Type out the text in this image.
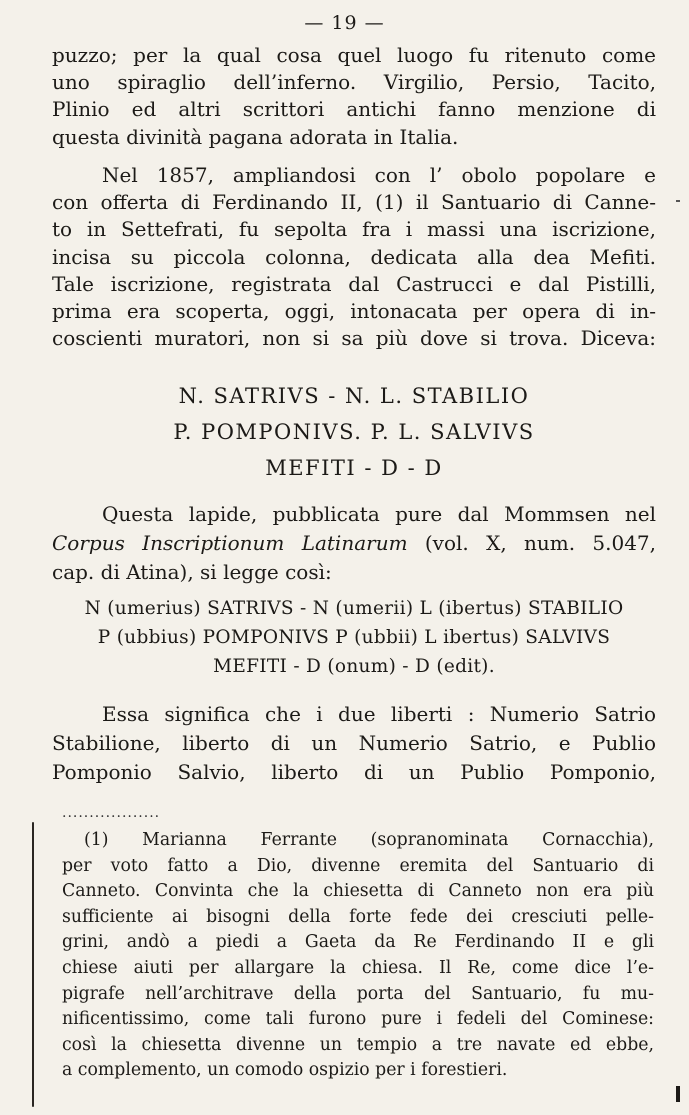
— 19 —
puzzo; per la qual cosa quel luogo fu ritenuto come
uno spiraglio dell’inferno. Virgilio, Persio, Tacito,
Plinio ed altri scrittori antichi fanno menzione di
questa divinità pagana adorata in Italia.
Nel 1857, ampliandosi con l’ obolo popolare e
con offerta di Ferdinando II, (1) il Santuario di Canne-
to in Settefrati, fu sepolta fra i massi una iscrizione,
incisa su piccola colonna, dedicata alla dea Mefiti.
Tale iscrizione, registrata dal Castrucci e dal Pistilli,
prima era scoperta, oggi, intonacata per opera di in-
coscienti muratori, non si sa più dove si trova. Diceva:
N. SATRIVS - N. L. STABILIO
P. POMPONIVS. P. L. SALVIVS
MEFITI - D - D
Questa lapide, pubblicata pure dal Mommsen nel
Corpus Inscriptionum Latinarum (vol. X, num. 5.047,
cap. di Atina), si legge così:
N (umerius) SATRIVS - N (umerii) L (ibertus) STABILIO
P (ubbius) POMPONIVS P (ubbii) L ibertus) SALVIVS
MEFITI - D (onum) - D (edit).
Essa significa che i due liberti : Numerio Satrio
Stabilione, liberto di un Numerio Satrio, e Publio
Pomponio Salvio, liberto di un Publio Pomponio,
..................
(1) Marianna Ferrante (sopranominata Cornacchia),
per voto fatto a Dio, divenne eremita del Santuario di
Canneto. Convinta che la chiesetta di Canneto non era più
sufficiente ai bisogni della forte fede dei cresciuti pelle-
grini, andò a piedi a Gaeta da Re Ferdinando II e gli
chiese aiuti per allargare la chiesa. Il Re, come dice l’e-
pigrafe nell’architrave della porta del Santuario, fu mu-
nificentissimo, come tali furono pure i fedeli del Cominese:
così la chiesetta divenne un tempio a tre navate ed ebbe,
a complemento, un comodo ospizio per i forestieri.
